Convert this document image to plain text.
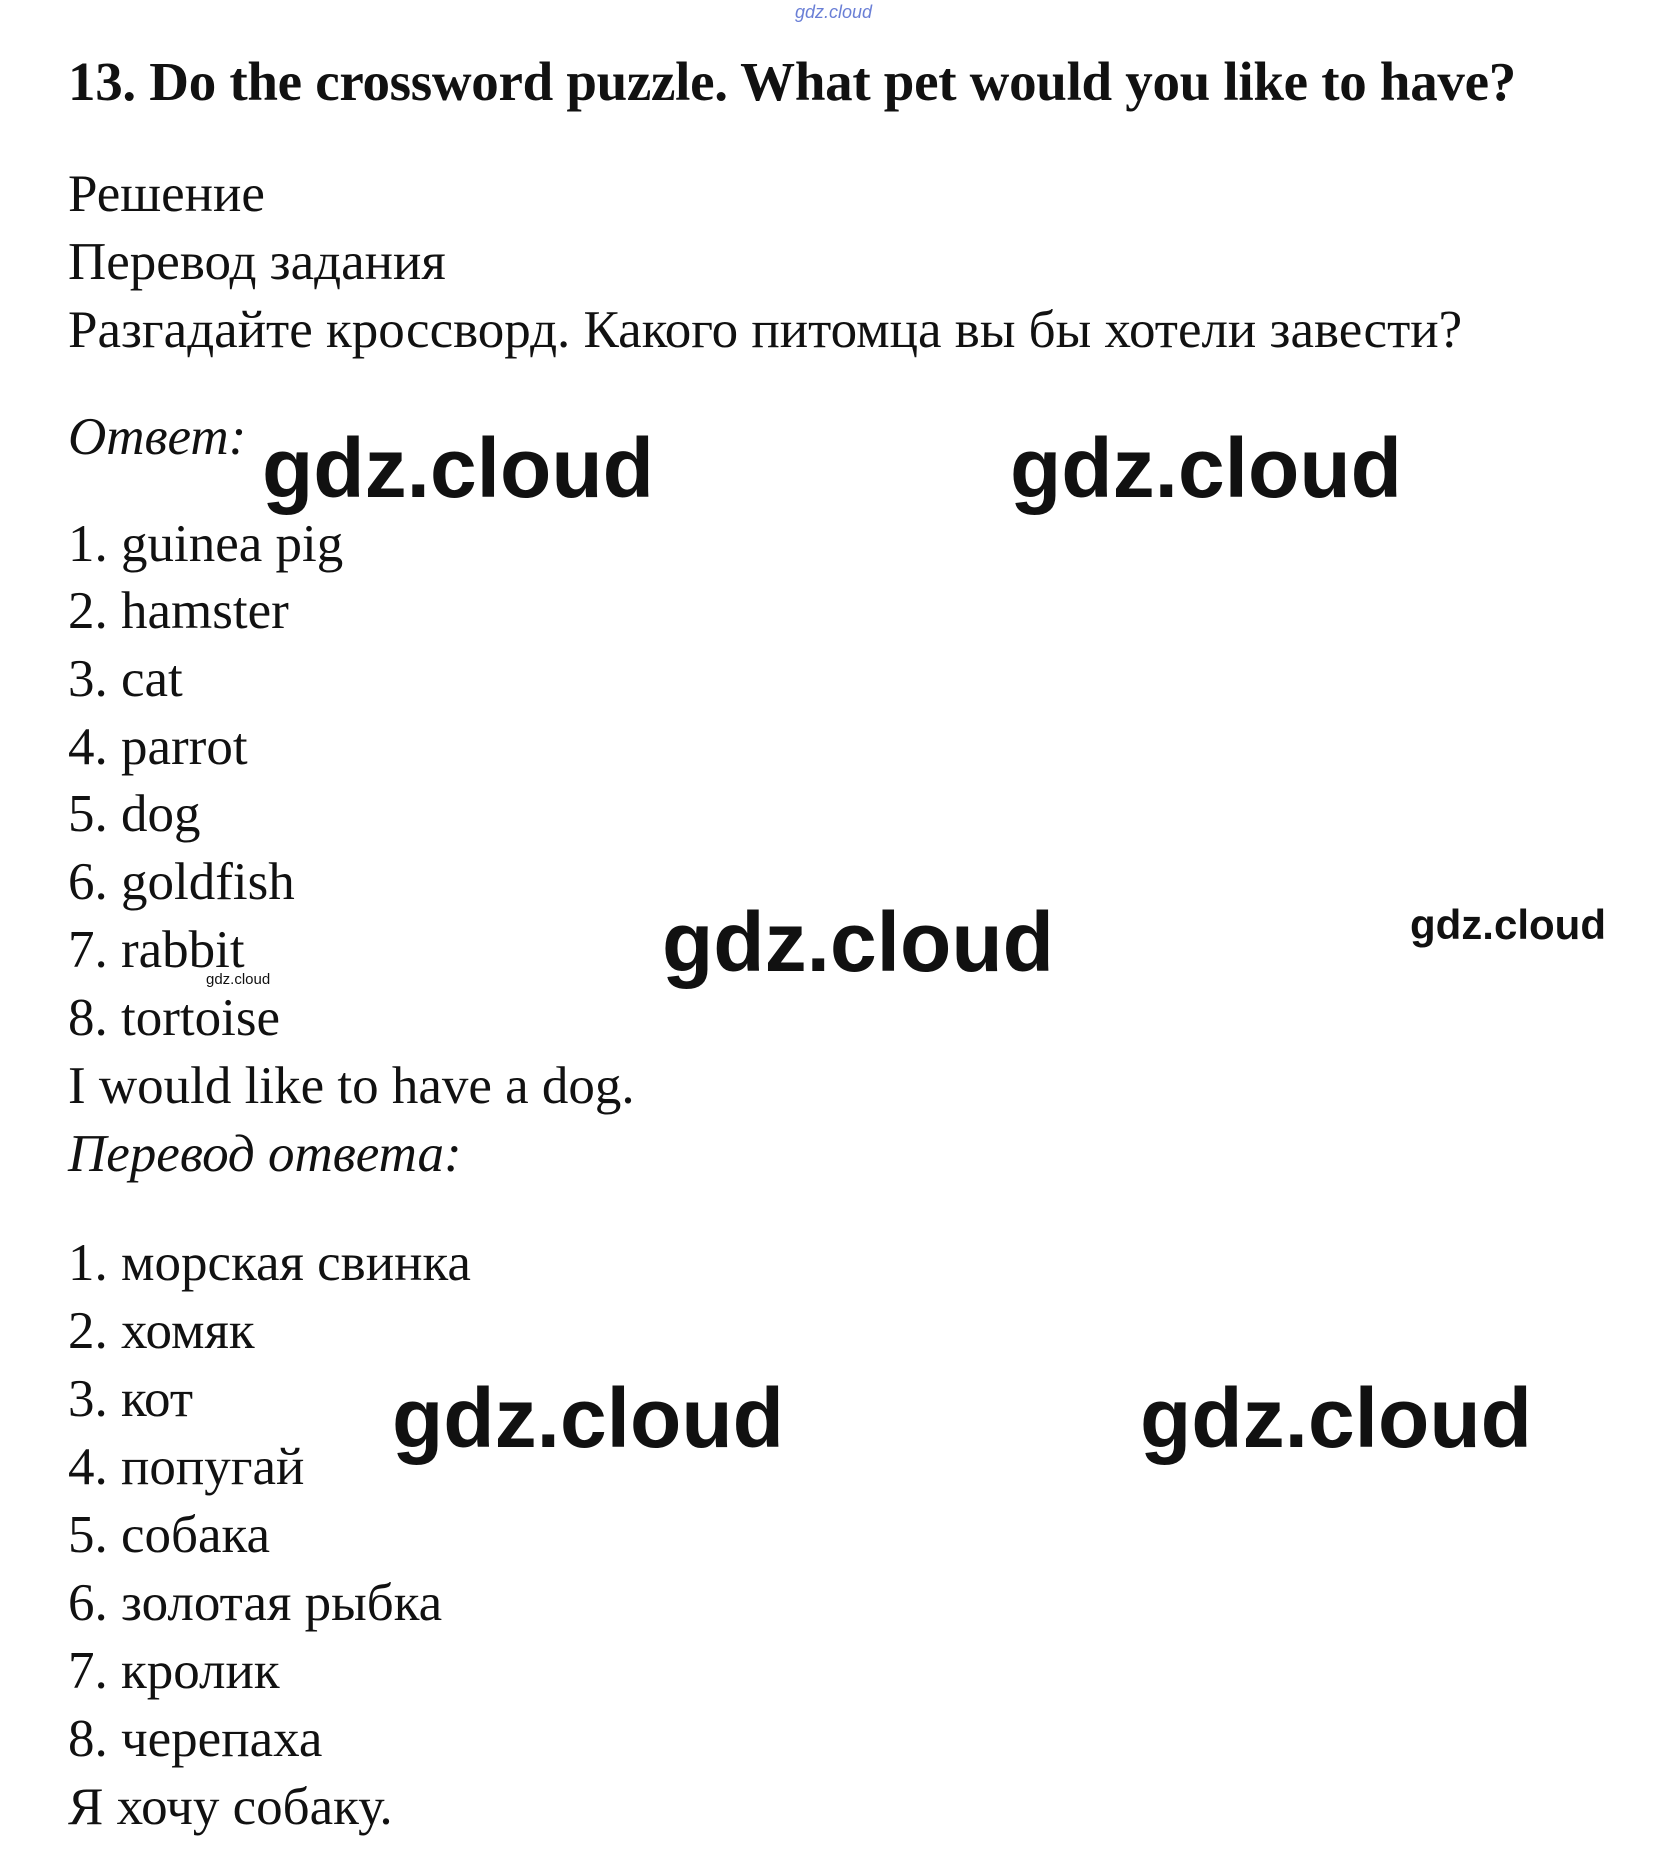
gdz.cloud
13. Do the crossword puzzle. What pet would you like to have?
Решение
Перевод задания
Разгадайте кроссворд. Какого питомца вы бы хотели завести?
Ответ:
1. guinea pig
2. hamster
3. cat
4. parrot
5. dog
6. goldfish
7. rabbit
8. tortoise
I would like to have a dog.
Перевод ответа:
1. морская свинка
2. хомяк
3. кот
4. попугай
5. собака
6. золотая рыбка
7. кролик
8. черепаха
Я хочу собаку.
gdz.cloud	gdz.cloud
gdz.cloud	gdz.cloud
gdz.cloud
gdz.cloud	gdz.cloud
